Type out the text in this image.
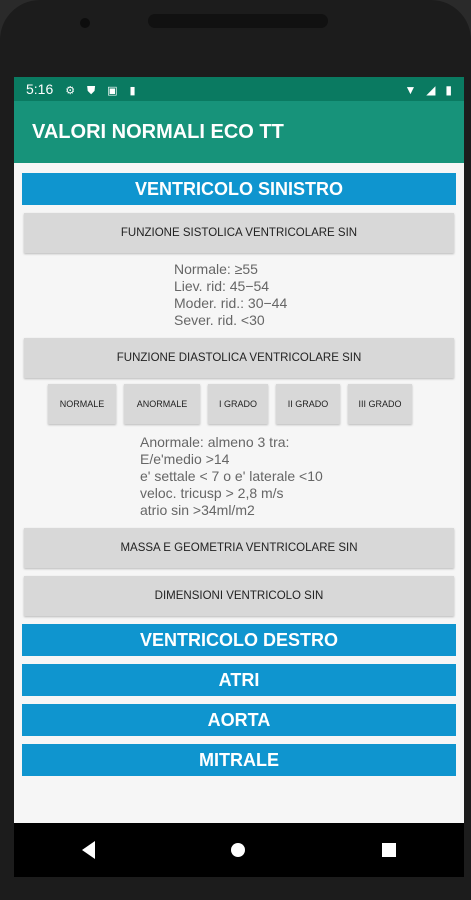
5:16 ⚙ ⛊ ▣ ▮	▼ ◢ ▮
VALORI NORMALI ECO TT
VENTRICOLO SINISTRO
FUNZIONE SISTOLICA VENTRICOLARE SIN
Normale: ≥55
Liev. rid: 45−54
Moder. rid.: 30−44
Sever. rid. <30
FUNZIONE DIASTOLICA VENTRICOLARE SIN
NORMALE	ANORMALE	I GRADO	II GRADO	III GRADO
Anormale: almeno 3 tra:
E/e'medio >14
e' settale < 7 o e' laterale <10
veloc. tricusp > 2,8 m/s
atrio sin >34ml/m2
MASSA E GEOMETRIA VENTRICOLARE SIN
DIMENSIONI VENTRICOLO SIN
VENTRICOLO DESTRO
ATRI
AORTA
MITRALE
